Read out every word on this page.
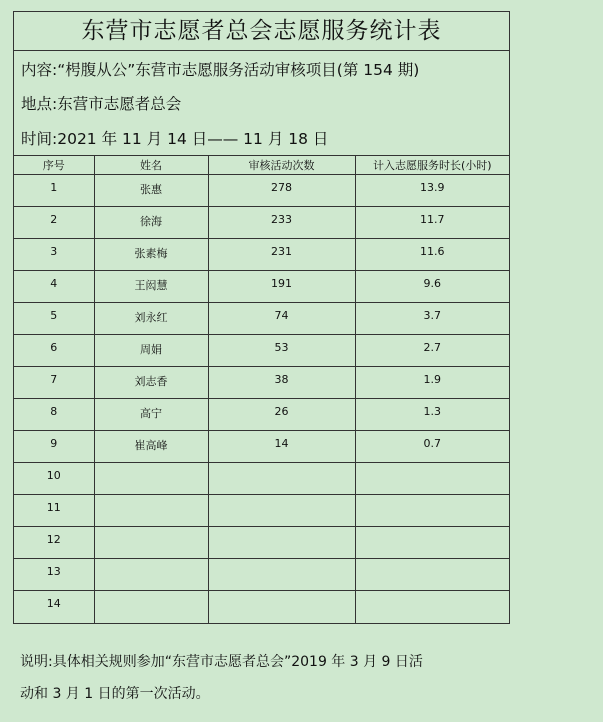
东营市志愿者总会志愿服务统计表
内容:“枵腹从公”东营市志愿服务活动审核项目(第 154 期)
地点:东营市志愿者总会
时间:2021 年 11 月 14 日—— 11 月 18 日
序号	姓名	审核活动次数	计入志愿服务时长(小时)
1	张惠	278	13.9
2	徐海	233	11.7
3	张素梅	231	11.6
4	王闳慧	191	9.6
5	刘永红	74	3.7
6	周娟	53	2.7
7	刘志香	38	1.9
8	高宁	26	1.3
9	崔高峰	14	0.7
10			
11			
12			
13			
14			
说明:具体相关规则参加“东营市志愿者总会”2019 年 3 月 9 日活
动和 3 月 1 日的第一次活动。
